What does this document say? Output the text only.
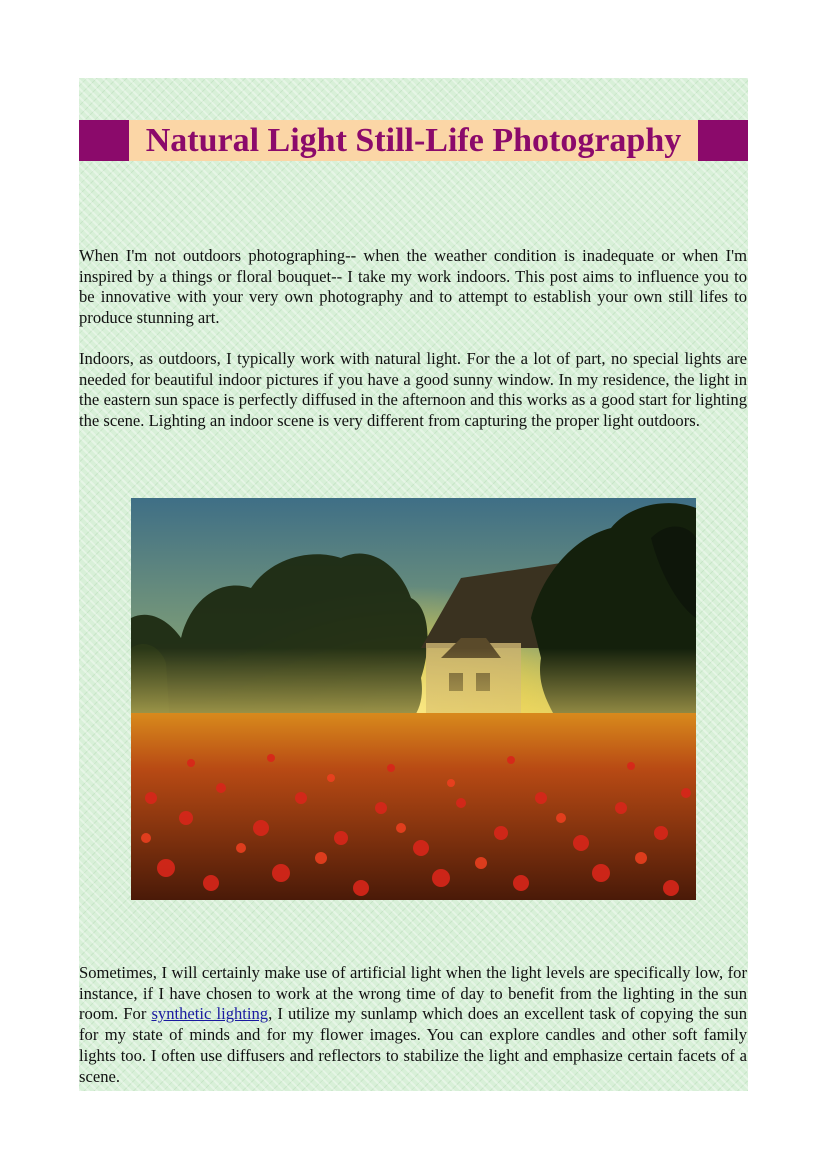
Natural Light Still-Life Photography

When I'm not outdoors photographing-- when the weather condition is inadequate or when I'm inspired by a things or floral bouquet-- I take my work indoors. This post aims to influence you to be innovative with your very own photography and to attempt to establish your own still lifes to produce stunning art.

Indoors, as outdoors, I typically work with natural light. For the a lot of part, no special lights are needed for beautiful indoor pictures if you have a good sunny window. In my residence, the light in the eastern sun space is perfectly diffused in the afternoon and this works as a good start for lighting the scene. Lighting an indoor scene is very different from capturing the proper light outdoors.

Sometimes, I will certainly make use of artificial light when the light levels are specifically low, for instance, if I have chosen to work at the wrong time of day to benefit from the lighting in the sun room. For synthetic lighting, I utilize my sunlamp which does an excellent task of copying the sun for my state of minds and for my flower images. You can explore candles and other soft family lights too. I often use diffusers and reflectors to stabilize the light and emphasize certain facets of a scene.
